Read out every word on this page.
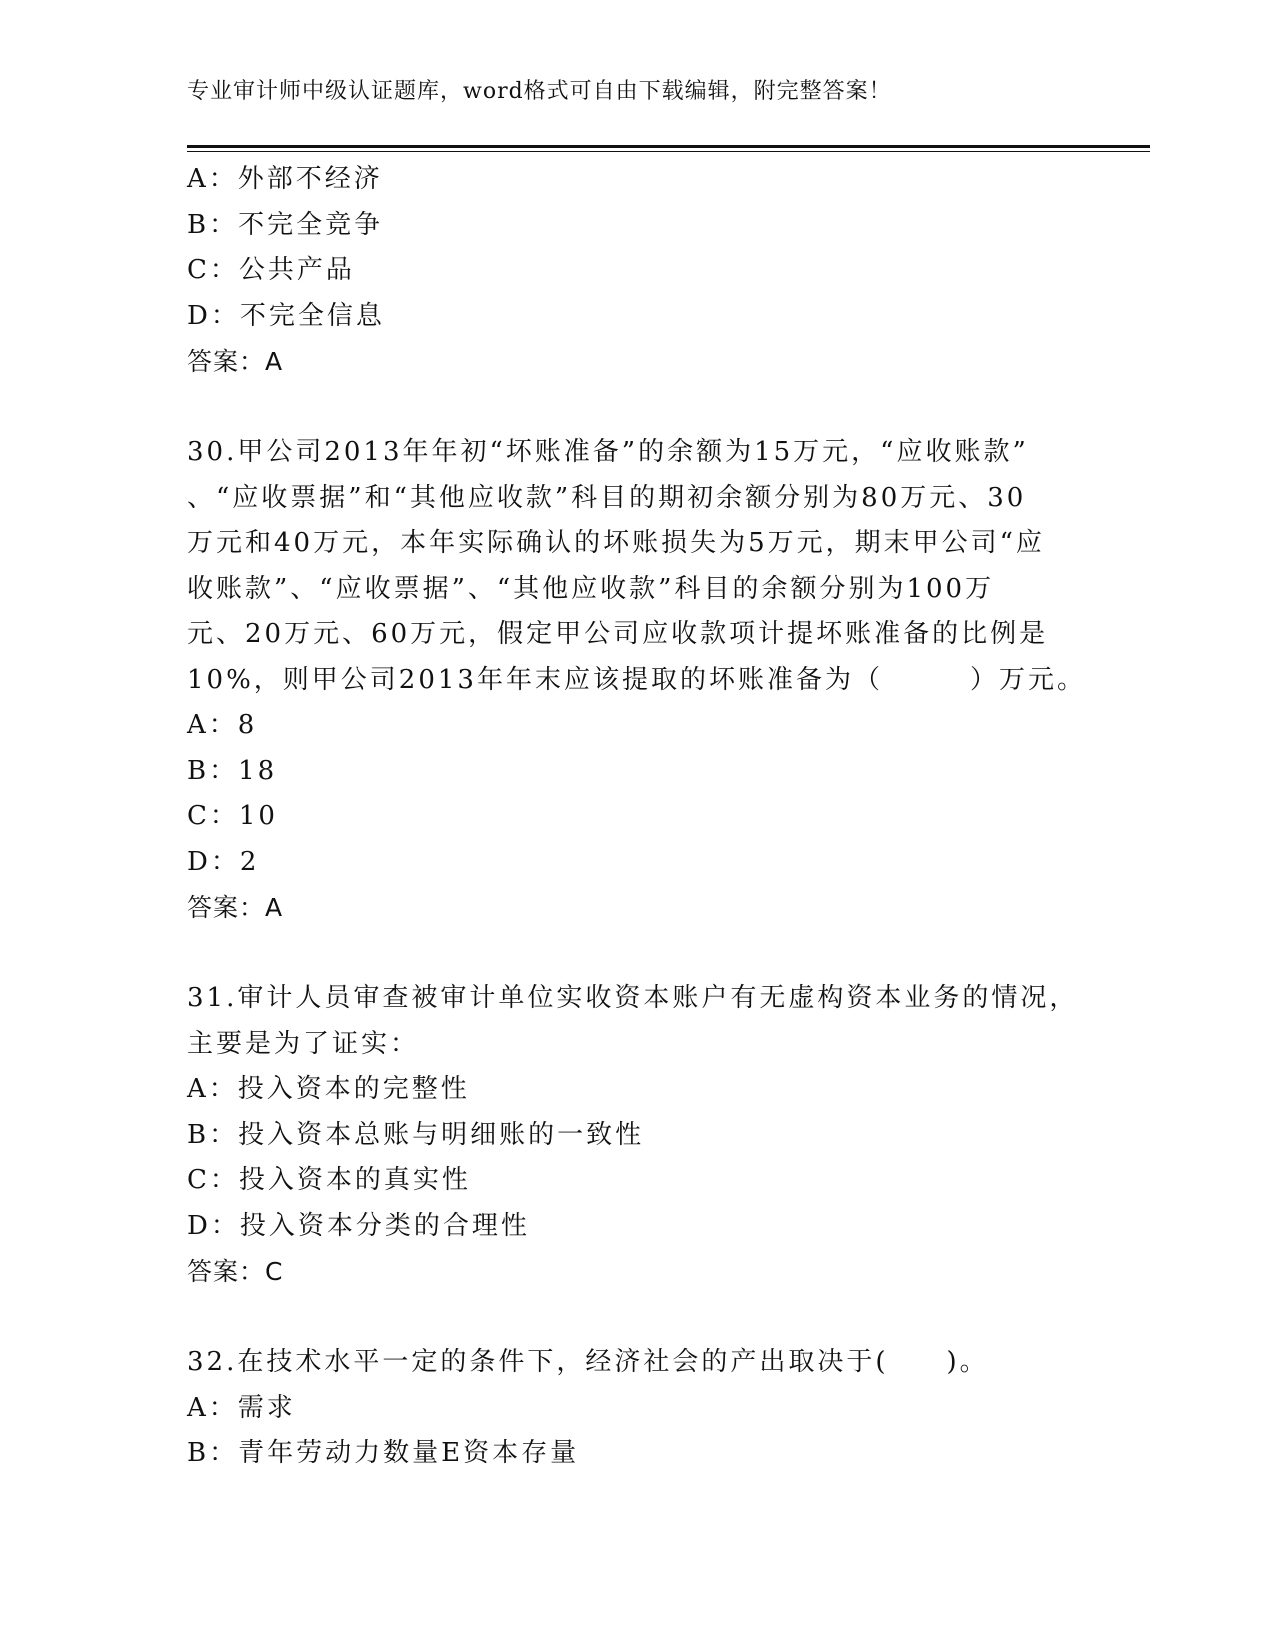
专业审计师中级认证题库，word格式可自由下载编辑，附完整答案！
A：外部不经济
B：不完全竞争
C：公共产品
D：不完全信息
答案：A
30.甲公司2013年年初“坏账准备”的余额为15万元，“应收账款”
、“应收票据”和“其他应收款”科目的期初余额分别为80万元、30
万元和40万元，本年实际确认的坏账损失为5万元，期末甲公司“应
收账款”、“应收票据”、“其他应收款”科目的余额分别为100万
元、20万元、60万元，假定甲公司应收款项计提坏账准备的比例是
10%，则甲公司2013年年末应该提取的坏账准备为（　　　）万元。
A：8
B：18
C：10
D：2
答案：A
31.审计人员审查被审计单位实收资本账户有无虚构资本业务的情况，
主要是为了证实：
A：投入资本的完整性
B：投入资本总账与明细账的一致性
C：投入资本的真实性
D：投入资本分类的合理性
答案：C
32.在技术水平一定的条件下，经济社会的产出取决于(　　)。
A：需求
B：青年劳动力数量E资本存量
